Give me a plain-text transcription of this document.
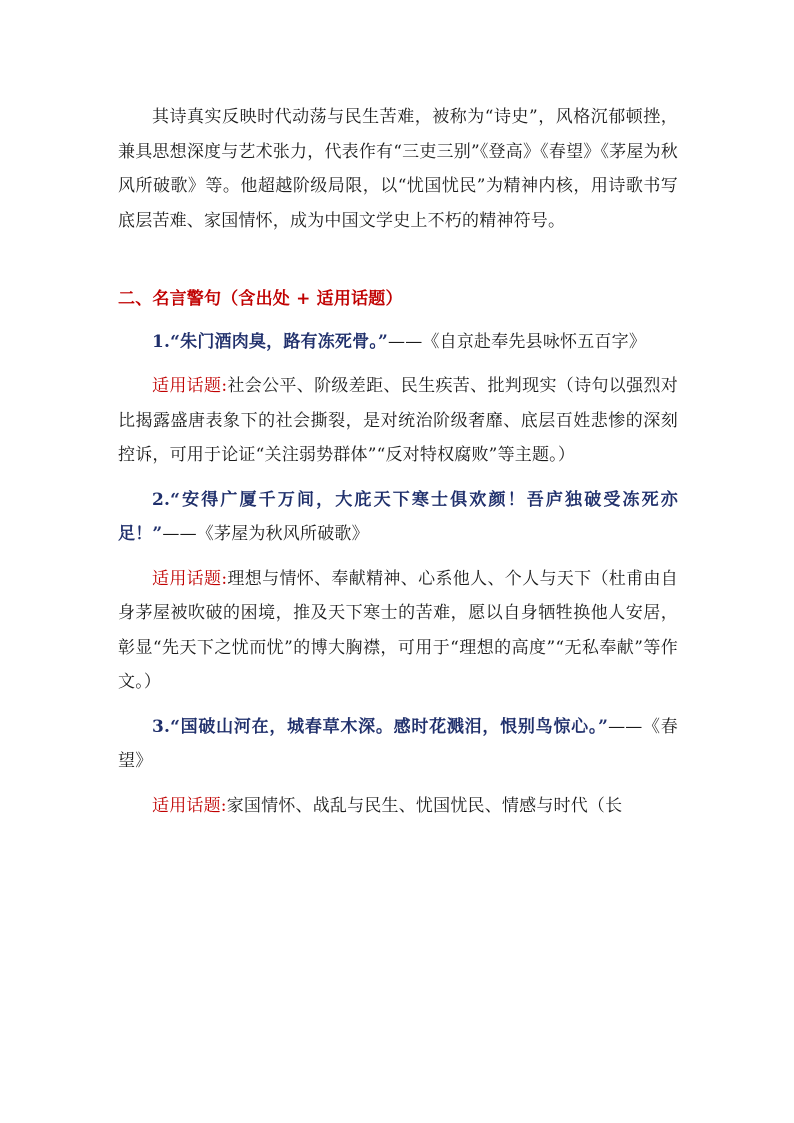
其诗真实反映时代动荡与民生苦难，被称为“诗史”，风格沉郁顿挫，兼具思想深度与艺术张力，代表作有“三吏三别”《登高》《春望》《茅屋为秋风所破歌》等。他超越阶级局限，以“忧国忧民”为精神内核，用诗歌书写底层苦难、家国情怀，成为中国文学史上不朽的精神符号。

二、名言警句（含出处 + 适用话题）

1.“朱门酒肉臭，路有冻死骨。”——《自京赴奉先县咏怀五百字》

适用话题:社会公平、阶级差距、民生疾苦、批判现实（诗句以强烈对比揭露盛唐表象下的社会撕裂，是对统治阶级奢靡、底层百姓悲惨的深刻控诉，可用于论证“关注弱势群体”“反对特权腐败”等主题。）

2.“安得广厦千万间，大庇天下寒士俱欢颜！吾庐独破受冻死亦足！”——《茅屋为秋风所破歌》

适用话题:理想与情怀、奉献精神、心系他人、个人与天下（杜甫由自身茅屋被吹破的困境，推及天下寒士的苦难，愿以自身牺牲换他人安居，彰显“先天下之忧而忧”的博大胸襟，可用于“理想的高度”“无私奉献”等作文。）

3.“国破山河在，城春草木深。感时花溅泪，恨别鸟惊心。”——《春望》

适用话题:家国情怀、战乱与民生、忧国忧民、情感与时代（长
